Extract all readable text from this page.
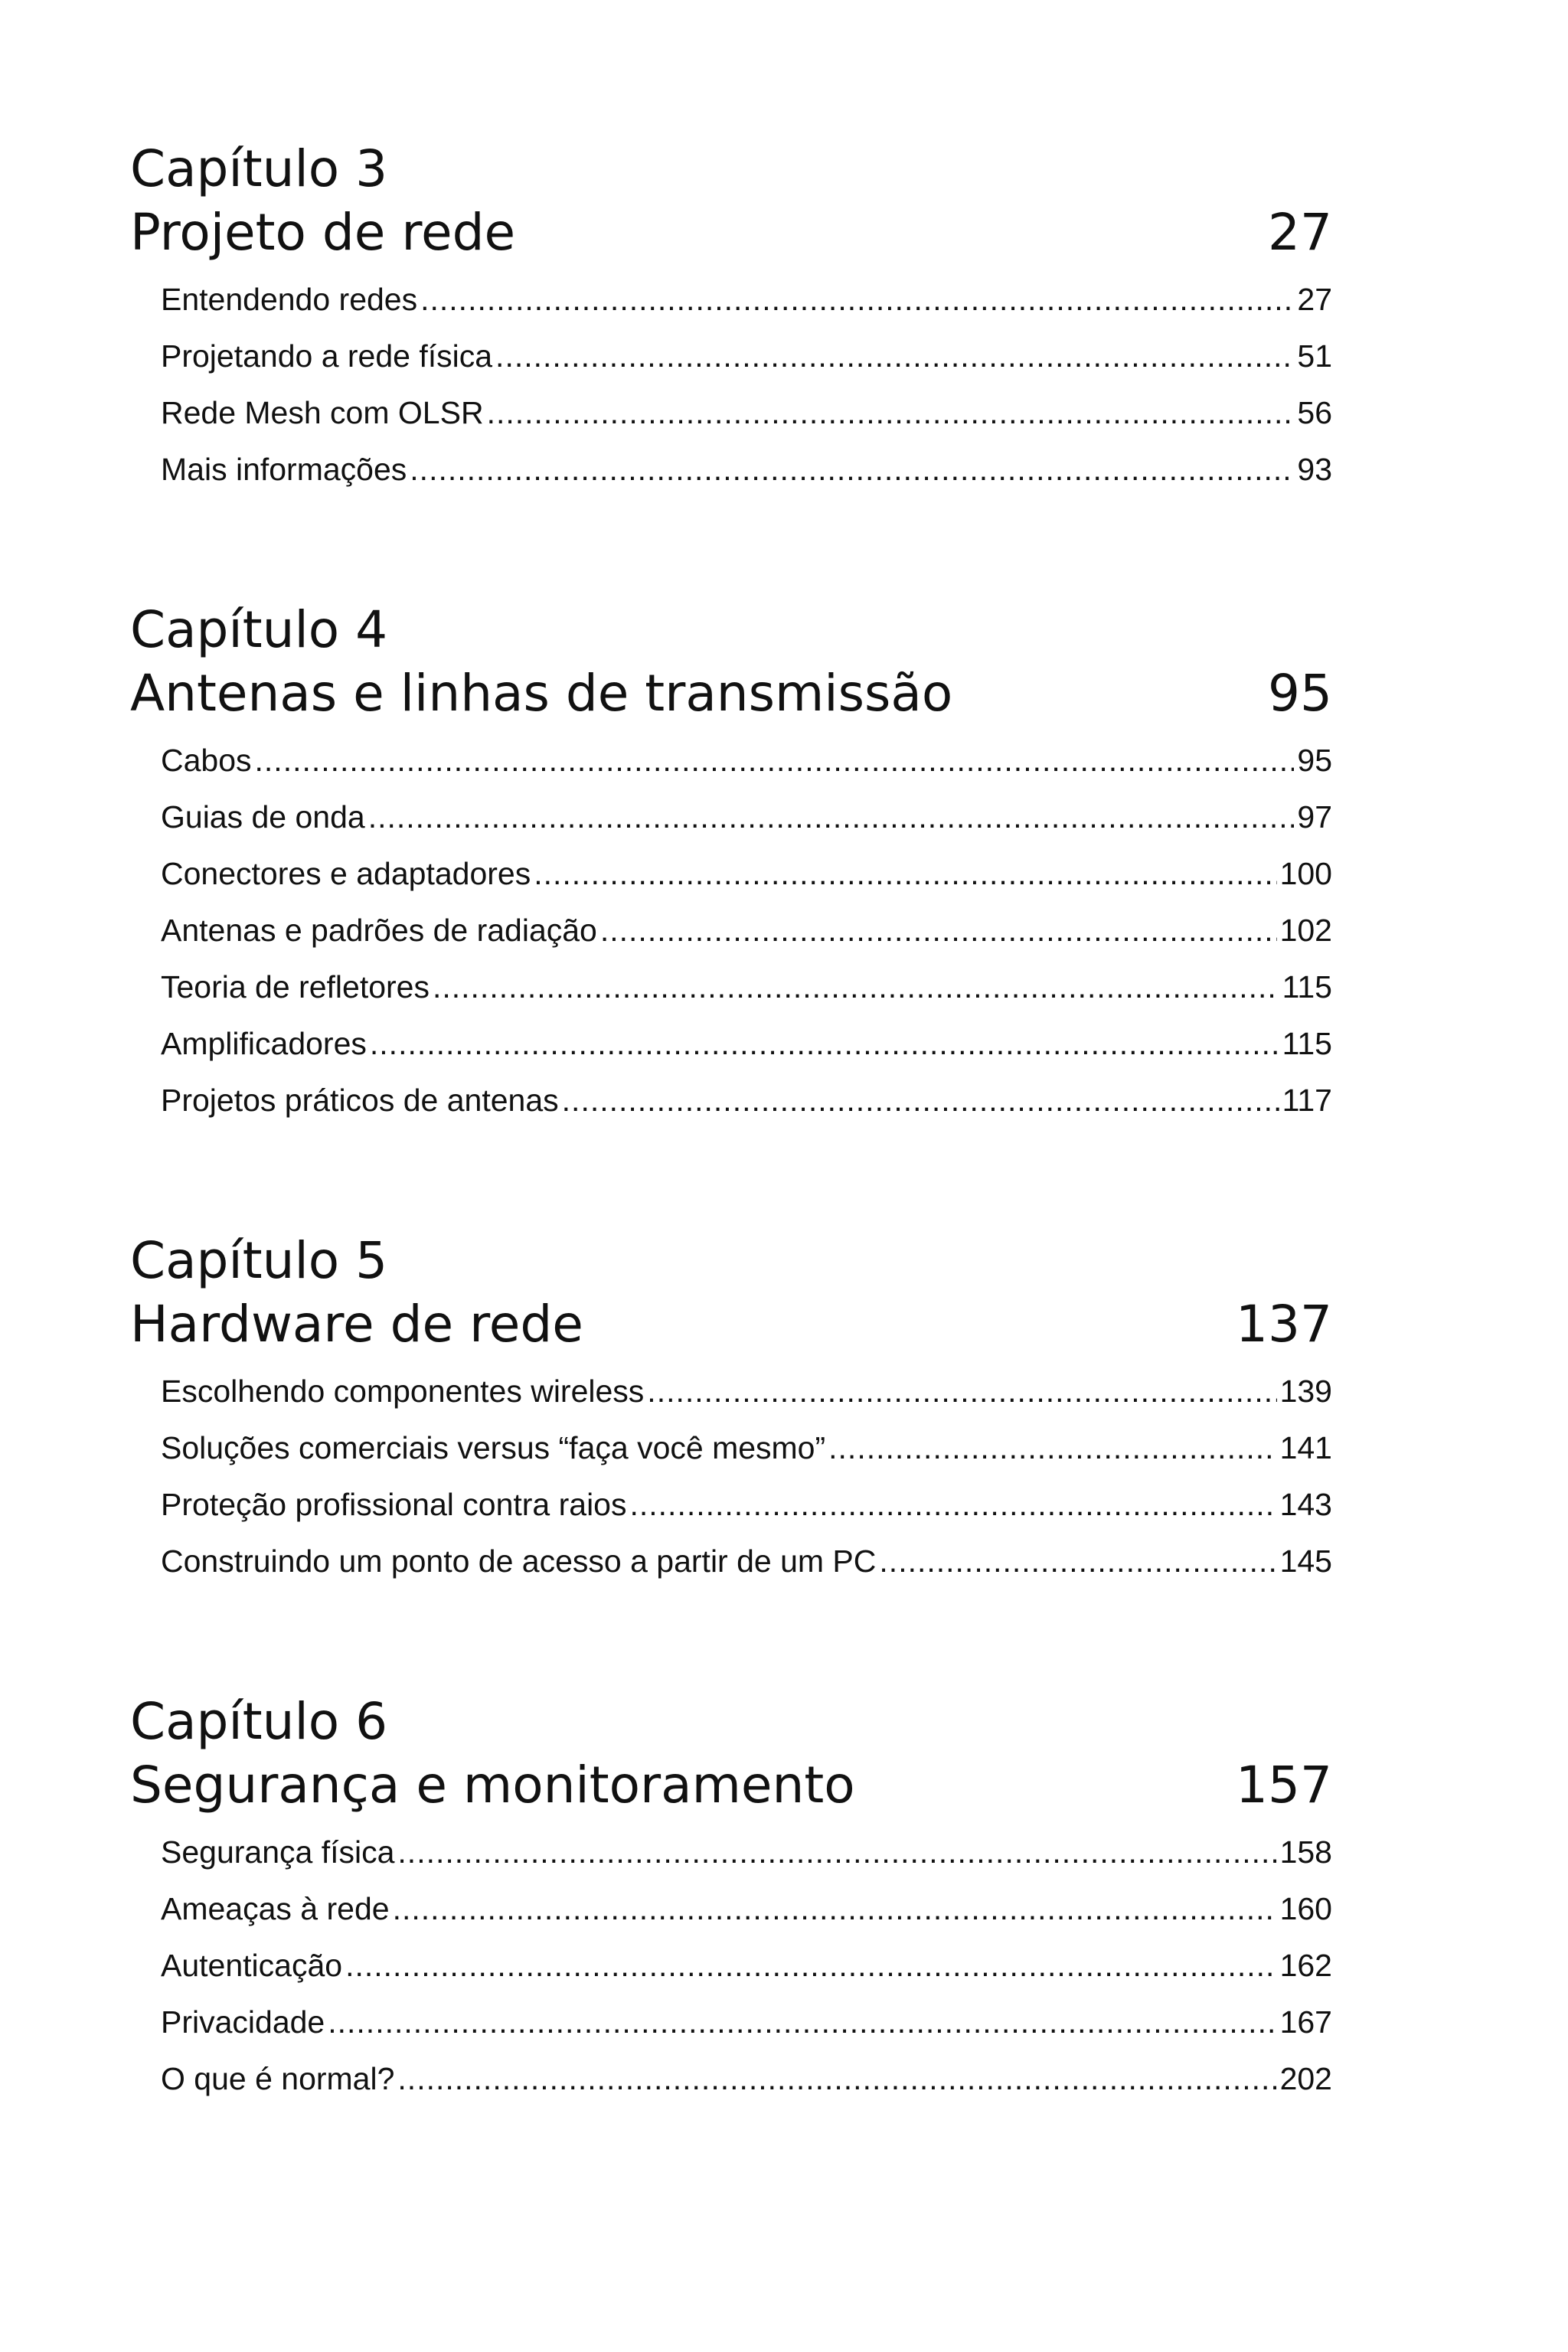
Capítulo 3
Projeto de rede	27
Entendendo redes .....	27
Projetando a rede física .....	51
Rede Mesh com OLSR .....	56
Mais informações .....	93
Capítulo 4
Antenas e linhas de transmissão	95
Cabos .....	95
Guias de onda .....	97
Conectores e adaptadores .....	100
Antenas e padrões de radiação .....	102
Teoria de refletores .....	115
Amplificadores .....	115
Projetos práticos de antenas .....	117
Capítulo 5
Hardware de rede	137
Escolhendo componentes wireless .....	139
Soluções comerciais versus “faça você mesmo” .....	141
Proteção profissional contra raios .....	143
Construindo um ponto de acesso a partir de um PC .....	145
Capítulo 6
Segurança e monitoramento	157
Segurança física .....	158
Ameaças à rede .....	160
Autenticação .....	162
Privacidade .....	167
O que é normal? .....	202
